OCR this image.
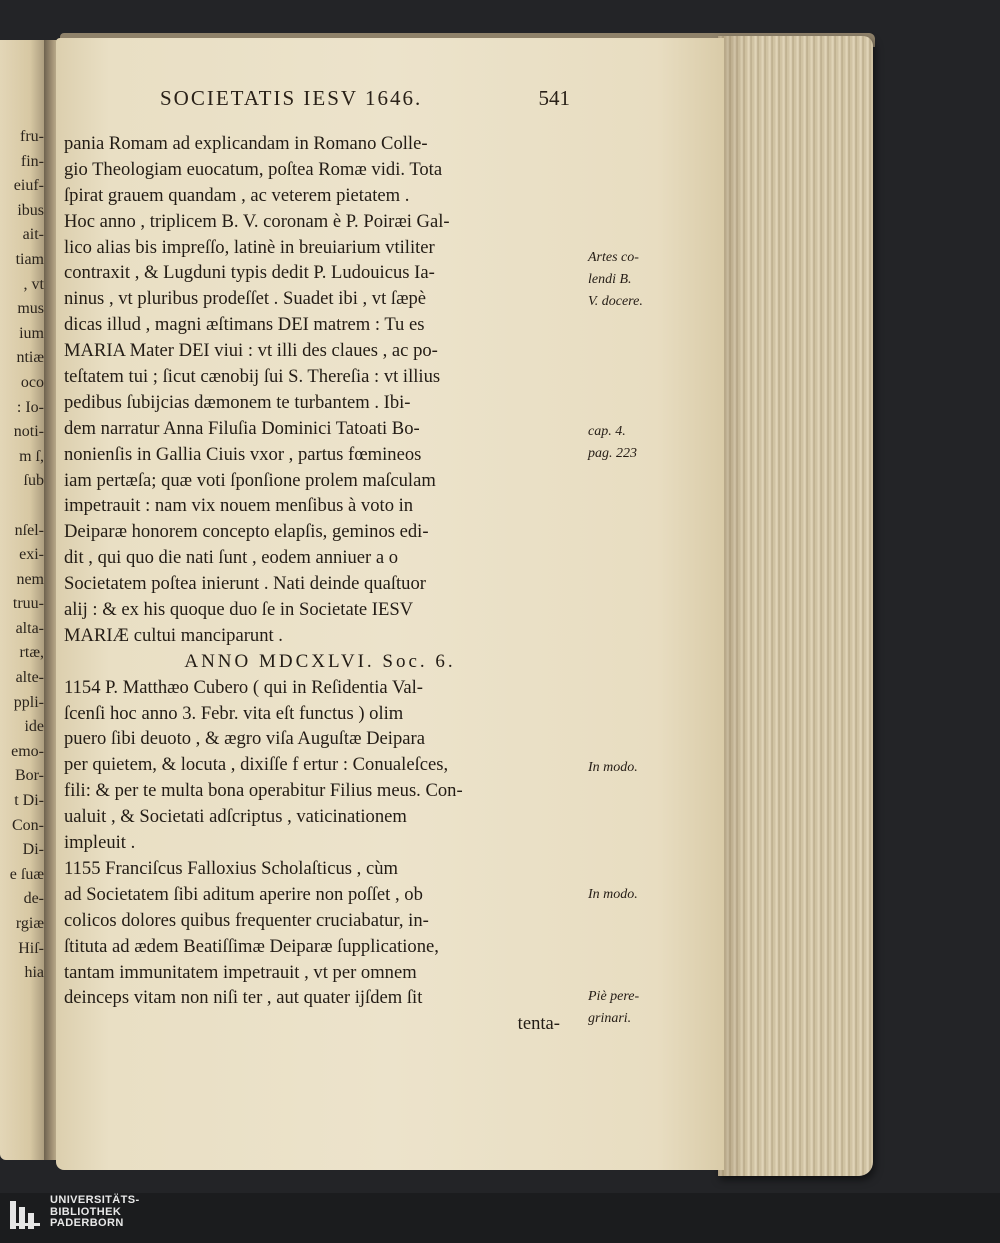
fru-
fin-
eiuf-
ibus
ait-
tiam
, vt
mus
ium
ntiæ
oco
: Io-
noti-
m ſ,
ſub
nſel-
exi-
nem
truu-
alta-
rtæ,
alte-
ppli-
ide
emo-
Bor-
t Di-
Con-
Di-
e ſuæ
de-
rgiæ
Hiſ-
hia
SOCIETATIS IESV 1646.	541
pania Romam ad explicandam in Romano Colle-
gio Theologiam euocatum, poſtea Romæ vidi. Tota
ſpirat grauem quandam , ac veterem pietatem .
Hoc anno , triplicem B. V. coronam è P. Poiræi Gal-
lico alias bis impreſſo, latinè in breuiarium vtiliter
contraxit , & Lugduni typis dedit P. Ludouicus Ia-
ninus , vt pluribus prodeſſet . Suadet ibi , vt ſæpè
dicas illud , magni æſtimans DEI matrem : Tu es
MARIA Mater DEI viui : vt illi des claues , ac po-
teſtatem tui ; ſicut cænobij ſui S. Thereſia : vt illius
pedibus ſubijcias dæmonem te turbantem . Ibi-
dem narratur Anna Filuſia Dominici Tatoati Bo-
nonienſis in Gallia Ciuis vxor , partus fœmineos
iam pertæſa; quæ voti ſponſione prolem maſculam
impetrauit : nam vix nouem menſibus à voto in
Deiparæ honorem concepto elapſis, geminos edi-
dit , qui quo die nati ſunt , eodem anniuer a o
Societatem poſtea inierunt . Nati deinde quaſtuor
alij : & ex his quoque duo ſe in Societate IESV
MARIÆ cultui manciparunt .
ANNO MDCXLVI. Soc. 6.
1154 P. Matthæo Cubero ( qui in Reſidentia Val-
ſcenſi hoc anno 3. Febr. vita eſt functus ) olim
puero ſibi deuoto , & ægro viſa Auguſtæ Deipara
per quietem, & locuta , dixiſſe f ertur : Conualeſces,
fili: & per te multa bona operabitur Filius meus. Con-
ualuit , & Societati adſcriptus , vaticinationem
impleuit .
1155 Franciſcus Falloxius Scholaſticus , cùm
ad Societatem ſibi aditum aperire non poſſet , ob
colicos dolores quibus frequenter cruciabatur, in-
ſtituta ad ædem Beatiſſimæ Deiparæ ſupplicatione,
tantam immunitatem impetrauit , vt per omnem
deinceps vitam non niſi ter , aut quater ijſdem ſit
tenta-
Artes co-
lendi B.
V. docere.
cap. 4.
pag. 223
In modo.
In modo.
Piè pere-
grinari.
UNIVERSITÄTS-
BIBLIOTHEK
PADERBORN
